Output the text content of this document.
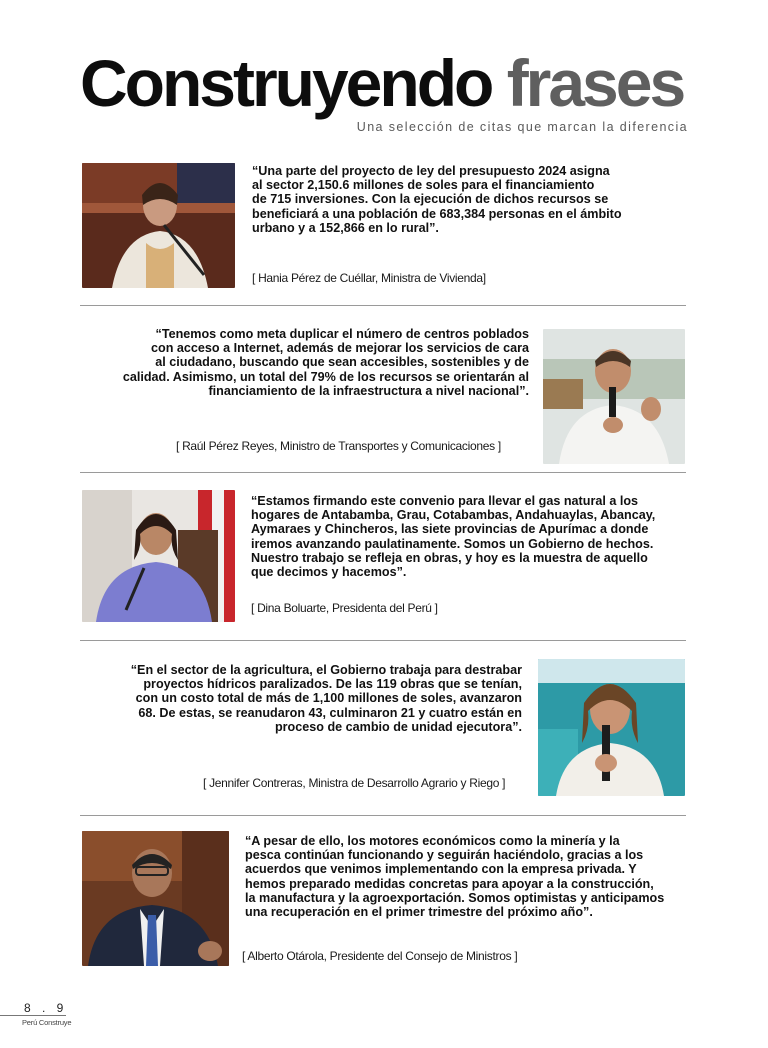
Construyendo frases
Una selección de citas que marcan la diferencia
“Una parte del proyecto de ley del presupuesto 2024 asigna
al sector 2,150.6 millones de soles para el financiamiento
de 715 inversiones. Con la ejecución de dichos recursos se
beneficiará a una población de 683,384 personas en el ámbito
urbano y a 152,866 en lo rural”.
[ Hania Pérez de Cuéllar, Ministra de Vivienda]
“Tenemos como meta duplicar el número de centros poblados
con acceso a Internet, además de mejorar los servicios de cara
al ciudadano, buscando que sean accesibles, sostenibles y de
calidad. Asimismo, un total del 79% de los recursos se orientarán al
financiamiento de la infraestructura a nivel nacional”.
[ Raúl Pérez Reyes, Ministro de Transportes y Comunicaciones ]
“Estamos firmando este convenio para llevar el gas natural a los
hogares de Antabamba, Grau, Cotabambas, Andahuaylas, Abancay,
Aymaraes y Chincheros, las siete provincias de Apurímac a donde
iremos avanzando paulatinamente. Somos un Gobierno de hechos.
Nuestro trabajo se refleja en obras, y hoy es la muestra de aquello
que decimos y hacemos”.
[ Dina Boluarte, Presidenta del Perú ]
“En el sector de la agricultura, el Gobierno trabaja para destrabar
proyectos hídricos paralizados. De las 119 obras que se tenían,
con un costo total de más de 1,100 millones de soles, avanzaron
68. De estas, se reanudaron 43, culminaron 21 y cuatro están en
proceso de cambio de unidad ejecutora”.
[ Jennifer Contreras, Ministra de Desarrollo Agrario y Riego ]
“A pesar de ello, los motores económicos como la minería y la
pesca continúan funcionando y seguirán haciéndolo, gracias a los
acuerdos que venimos implementando con la empresa privada. Y
hemos preparado medidas concretas para apoyar a la construcción,
la manufactura y la agroexportación. Somos optimistas y anticipamos
una recuperación en el primer trimestre del próximo año”.
[ Alberto Otárola, Presidente del Consejo de Ministros ]
8 . 9
Perú Construye
